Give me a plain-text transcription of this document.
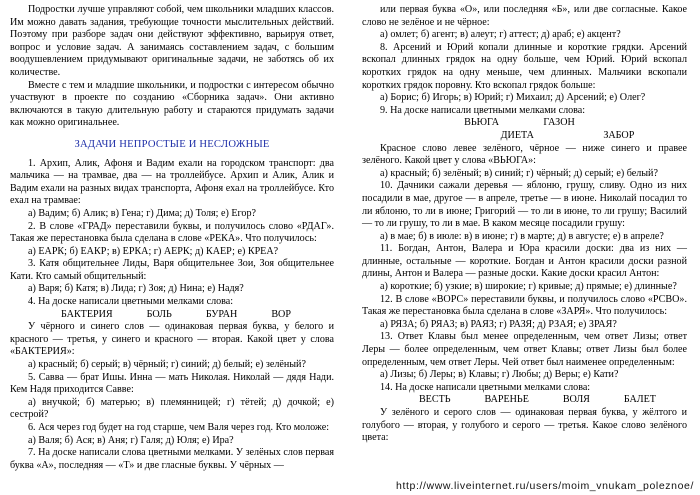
Подростки лучше управляют собой, чем школьники младших классов. Им можно давать задания, требующие точности мыслительных действий. Поэтому при разборе задач они действуют эффективно, варьируя ответ, вопрос и условие задач. А занимаясь составлением задач, с большим воодушевлением придумывают оригинальные задачи, не заботясь об их количестве.

Вместе с тем и младшие школьники, и подростки с интересом обычно участвуют в проекте по созданию «Сборника задач». Они активно включаются в такую длительную работу и стараются придумать задачи как можно оригинальнее.

ЗАДАЧИ НЕПРОСТЫЕ И НЕСЛОЖНЫЕ

1. Архип, Алик, Афоня и Вадим ехали на городском транспорт: два мальчика — на трамвае, два — на троллейбусе. Архип и Алик, Алик и Вадим ехали на разных видах транспорта, Афоня ехал на троллейбусе. Кто ехал на трамвае:

а) Вадим; б) Алик; в) Гена; г) Дима; д) Толя; е) Егор?

2. В слове «ГРАД» переставили буквы, и получилось слово «РДАГ». Такая же перестановка была сделана в слове «РЕКА». Что получилось:

а) ЕАРК; б) ЕАКР; в) ЕРКА; г) АЕРК; д) КАЕР; е) КРЕА?

3. Катя общительнее Лиды, Варя общительнее Зои, Зоя общительнее Кати. Кто самый общительный:

а) Варя; б) Катя; в) Лида; г) Зоя; д) Нина; е) Надя?

4. На доске написали цветными мелками слова:

БАКТЕРИЯ	БОЛЬ	БУРАН	ВОР

У чёрного и синего слов — одинаковая первая буква, у белого и красного — третья, у синего и красного — вторая. Какой цвет у слова «БАКТЕРИЯ»:

а) красный; б) серый; в) чёрный; г) синий; д) белый; е) зелёный?

5. Савва — брат Ишы. Инна — мать Николая. Николай — дядя Нади. Кем Надя приходится Савве:

а) внучкой; б) матерью; в) племянницей; г) тётей; д) дочкой; е) сестрой?

6. Ася через год будет на год старше, чем Валя через год. Кто моложе:

а) Валя; б) Ася; в) Аня; г) Галя; д) Юля; е) Ира?

7. На доске написали слова цветными мелками. У зелёных слов первая буква «А», последняя — «Т» и две гласные буквы. У чёрных —

или первая буква «О», или последняя «Б», или две согласные. Какое слово не зелёное и не чёрное:

а) омлет; б) агент; в) алеут; г) аттест; д) араб; е) акцент?

8. Арсений и Юрий копали длинные и короткие грядки. Арсений вскопал длинных грядок на одну больше, чем Юрий. Юрий вскопал коротких грядок на одну меньше, чем длинных. Мальчики вскопали коротких грядок поровну. Кто вскопал грядок больше:

а) Борис; б) Игорь; в) Юрий; г) Михаил; д) Арсений; е) Олег?

9. На доске написали цветными мелками слова:

ВЬЮГА	ГАЗОН
ДИЕТА	ЗАБОР

Красное слово левее зелёного, чёрное — ниже синего и правее зелёного. Какой цвет у слова «ВЬЮГА»:

а) красный; б) зелёный; в) синий; г) чёрный; д) серый; е) белый?

10. Дачники сажали деревья — яблоню, грушу, сливу. Одно из них посадили в мае, другое — в апреле, третье — в июне. Николай посадил то ли яблоню, то ли в июне; Григорий — то ли в июне, то ли грушу; Василий — то ли грушу, то ли в мае. В каком месяце посадили грушу:

а) в мае; б) в июле: в) в июне; г) в марте; д) в августе; е) в апреле?

11. Богдан, Антон, Валера и Юра красили доски: два из них — длинные, остальные — короткие. Богдан и Антон красили доски разной длины, Антон и Валера — разные доски. Какие доски красил Антон:

а) короткие; б) узкие; в) широкие; г) кривые; д) прямые; е) длинные?

12. В слове «ВОРС» переставили буквы, и получилось слово «РСВО». Такая же перестановка была сделана в слове «ЗАРЯ». Что получилось:

а) РЯЗА; б) РЯАЗ; в) РАЯЗ; г) РАЗЯ; д) РЗАЯ; е) ЗРАЯ?

13. Ответ Клавы был менее определенным, чем ответ Лизы; ответ Леры — более определенным, чем ответ Клавы; ответ Лизы был более определенным, чем ответ Леры. Чей ответ был наименее определенным:

а) Лизы; б) Леры; в) Клавы; г) Любы; д) Веры; е) Кати?

14. На доске написали цветными мелками слова:

ВЕСТЬ	ВАРЕНЬЕ	ВОЛЯ	БАЛЕТ

У зелёного и серого слов — одинаковая первая буква, у жёлтого и голубого — вторая, у голубого и серого — третья. Какое слово зелёного цвета:

http://www.liveinternet.ru/users/moim_vnukam_poleznoe/
